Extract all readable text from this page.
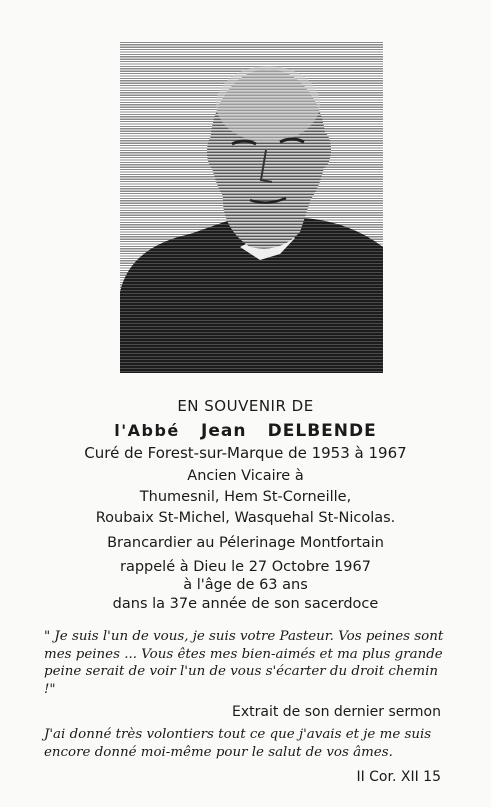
EN SOUVENIR DE
l'Abbé Jean DELBENDE
Curé de Forest-sur-Marque de 1953 à 1967
Ancien Vicaire à
Thumesnil, Hem St-Corneille,
Roubaix St-Michel, Wasquehal St-Nicolas.
Brancardier au Pélerinage Montfortain
rappelé à Dieu le 27 Octobre 1967
à l'âge de 63 ans
dans la 37e année de son sacerdoce
" Je suis l'un de vous, je suis votre Pasteur. Vos peines sont mes peines ... Vous êtes mes bien-aimés et ma plus grande peine serait de voir l'un de vous s'écarter du droit chemin !"
Extrait de son dernier sermon
J'ai donné très volontiers tout ce que j'avais et je me suis encore donné moi-même pour le salut de vos âmes.
II Cor. XII 15
